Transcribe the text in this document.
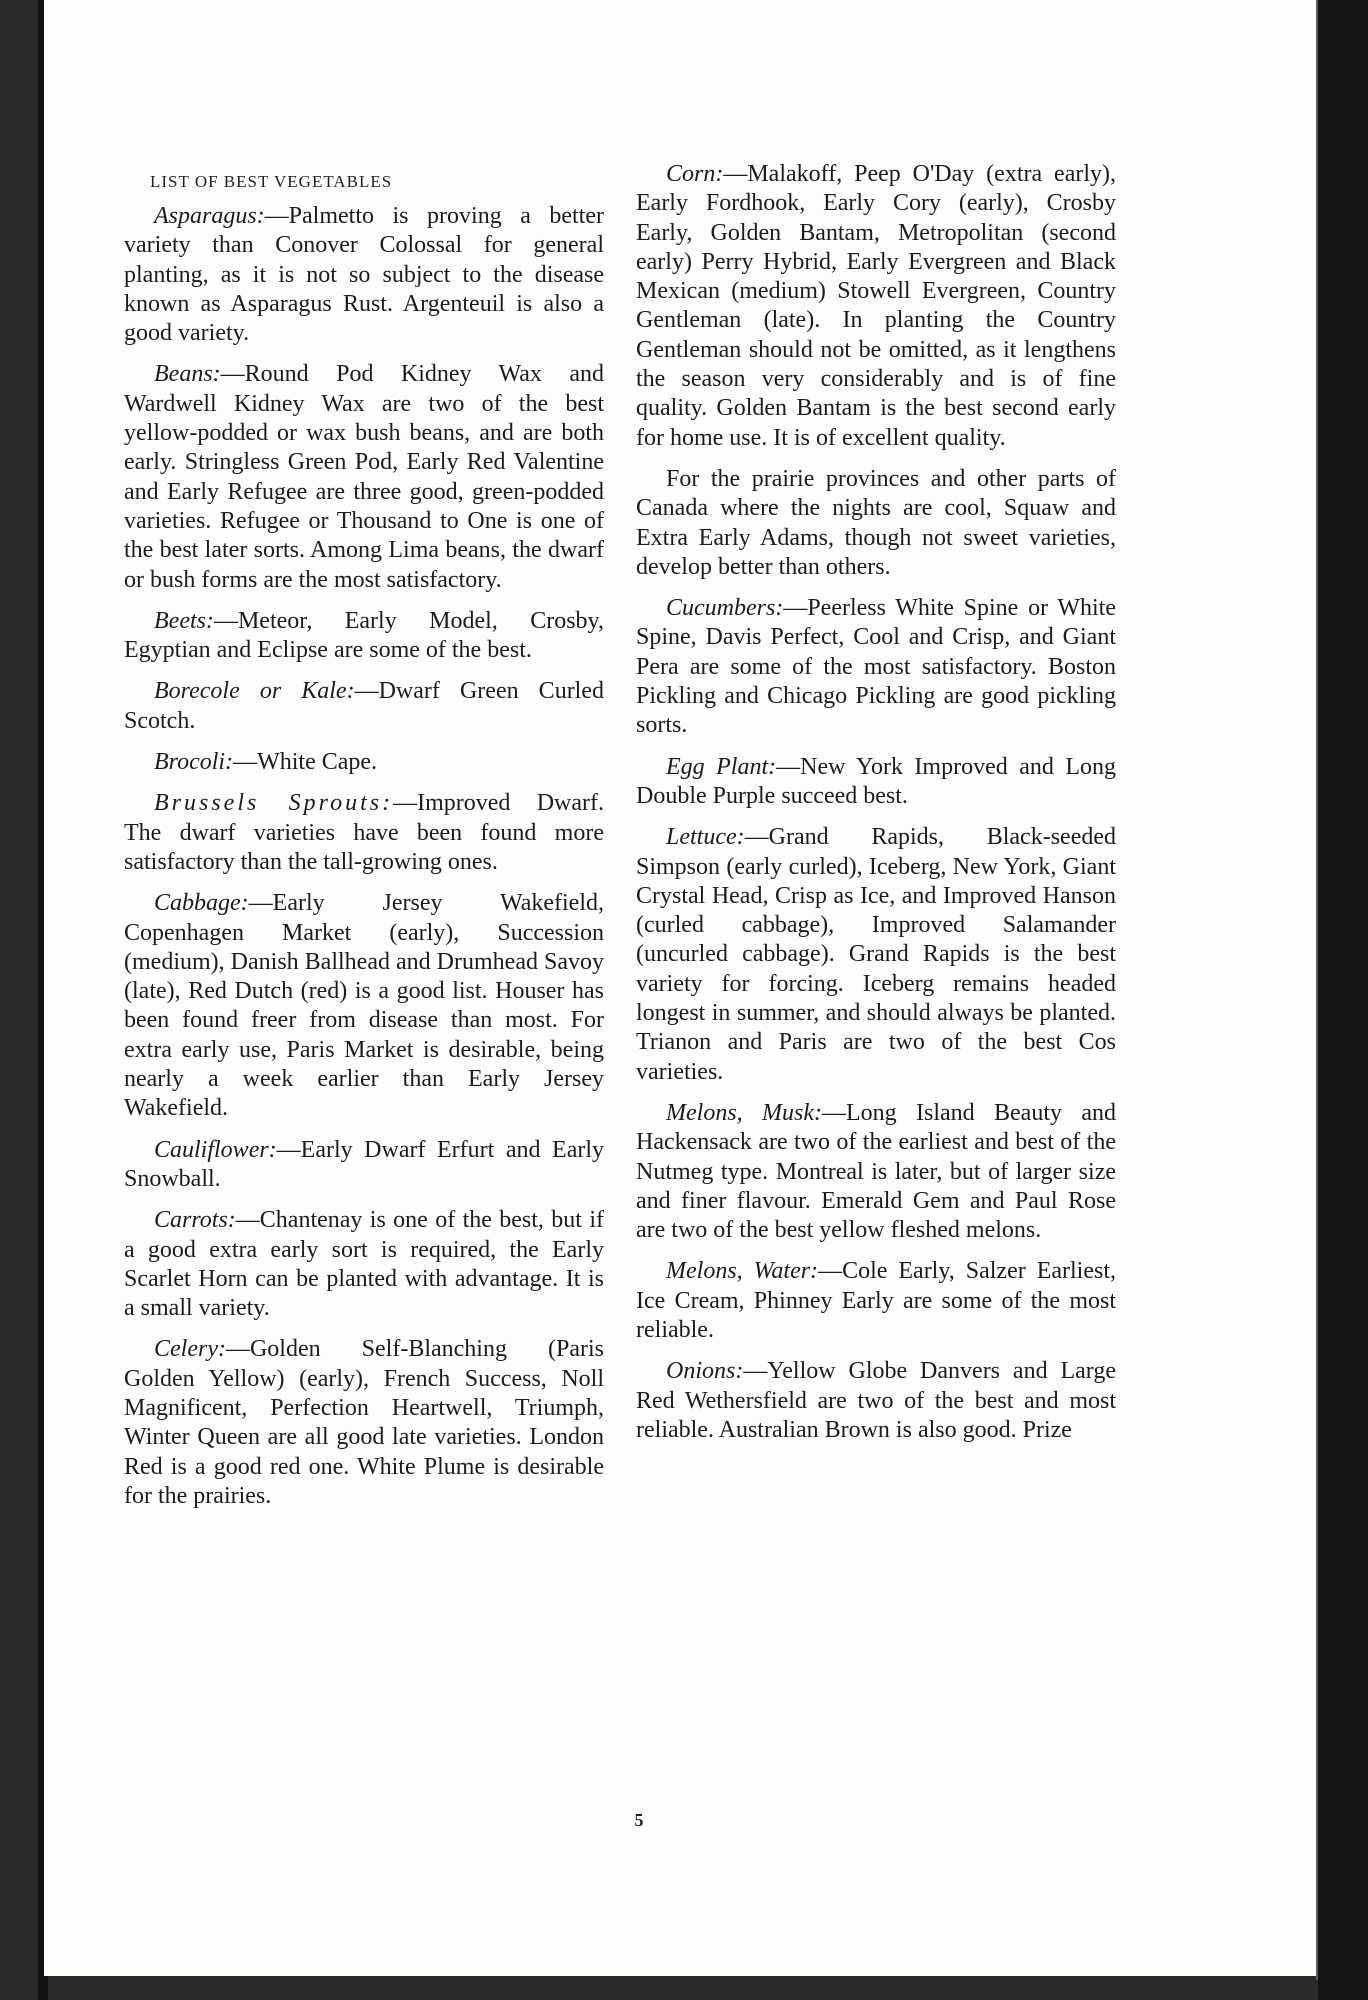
LIST OF BEST VEGETABLES

Asparagus:—Palmetto is proving a better variety than Conover Colossal for general planting, as it is not so subject to the disease known as Asparagus Rust. Argenteuil is also a good variety.

Beans:—Round Pod Kidney Wax and Wardwell Kidney Wax are two of the best yellow-podded or wax bush beans, and are both early. Stringless Green Pod, Early Red Valentine and Early Refugee are three good, green-podded varieties. Refugee or Thousand to One is one of the best later sorts. Among Lima beans, the dwarf or bush forms are the most satisfactory.

Beets:—Meteor, Early Model, Crosby, Egyptian and Eclipse are some of the best.

Borecole or Kale:—Dwarf Green Curled Scotch.

Brocoli:—White Cape.

Brussels Sprouts:—Improved Dwarf. The dwarf varieties have been found more satisfactory than the tall-growing ones.

Cabbage:—Early Jersey Wakefield, Copenhagen Market (early), Succession (medium), Danish Ballhead and Drumhead Savoy (late), Red Dutch (red) is a good list. Houser has been found freer from disease than most. For extra early use, Paris Market is desirable, being nearly a week earlier than Early Jersey Wakefield.

Cauliflower:—Early Dwarf Erfurt and Early Snowball.

Carrots:—Chantenay is one of the best, but if a good extra early sort is required, the Early Scarlet Horn can be planted with advantage. It is a small variety.

Celery:—Golden Self-Blanching (Paris Golden Yellow) (early), French Success, Noll Magnificent, Perfection Heartwell, Triumph, Winter Queen are all good late varieties. London Red is a good red one. White Plume is desirable for the prairies.

Corn:—Malakoff, Peep O'Day (extra early), Early Fordhook, Early Cory (early), Crosby Early, Golden Bantam, Metropolitan (second early) Perry Hybrid, Early Evergreen and Black Mexican (medium) Stowell Evergreen, Country Gentleman (late). In planting the Country Gentleman should not be omitted, as it lengthens the season very considerably and is of fine quality. Golden Bantam is the best second early for home use. It is of excellent quality.

For the prairie provinces and other parts of Canada where the nights are cool, Squaw and Extra Early Adams, though not sweet varieties, develop better than others.

Cucumbers:—Peerless White Spine or White Spine, Davis Perfect, Cool and Crisp, and Giant Pera are some of the most satisfactory. Boston Pickling and Chicago Pickling are good pickling sorts.

Egg Plant:—New York Improved and Long Double Purple succeed best.

Lettuce:—Grand Rapids, Black-seeded Simpson (early curled), Iceberg, New York, Giant Crystal Head, Crisp as Ice, and Improved Hanson (curled cabbage), Improved Salamander (uncurled cabbage). Grand Rapids is the best variety for forcing. Iceberg remains headed longest in summer, and should always be planted. Trianon and Paris are two of the best Cos varieties.

Melons, Musk:—Long Island Beauty and Hackensack are two of the earliest and best of the Nutmeg type. Montreal is later, but of larger size and finer flavour. Emerald Gem and Paul Rose are two of the best yellow fleshed melons.

Melons, Water:—Cole Early, Salzer Earliest, Ice Cream, Phinney Early are some of the most reliable.

Onions:—Yellow Globe Danvers and Large Red Wethersfield are two of the best and most reliable. Australian Brown is also good. Prize

5
